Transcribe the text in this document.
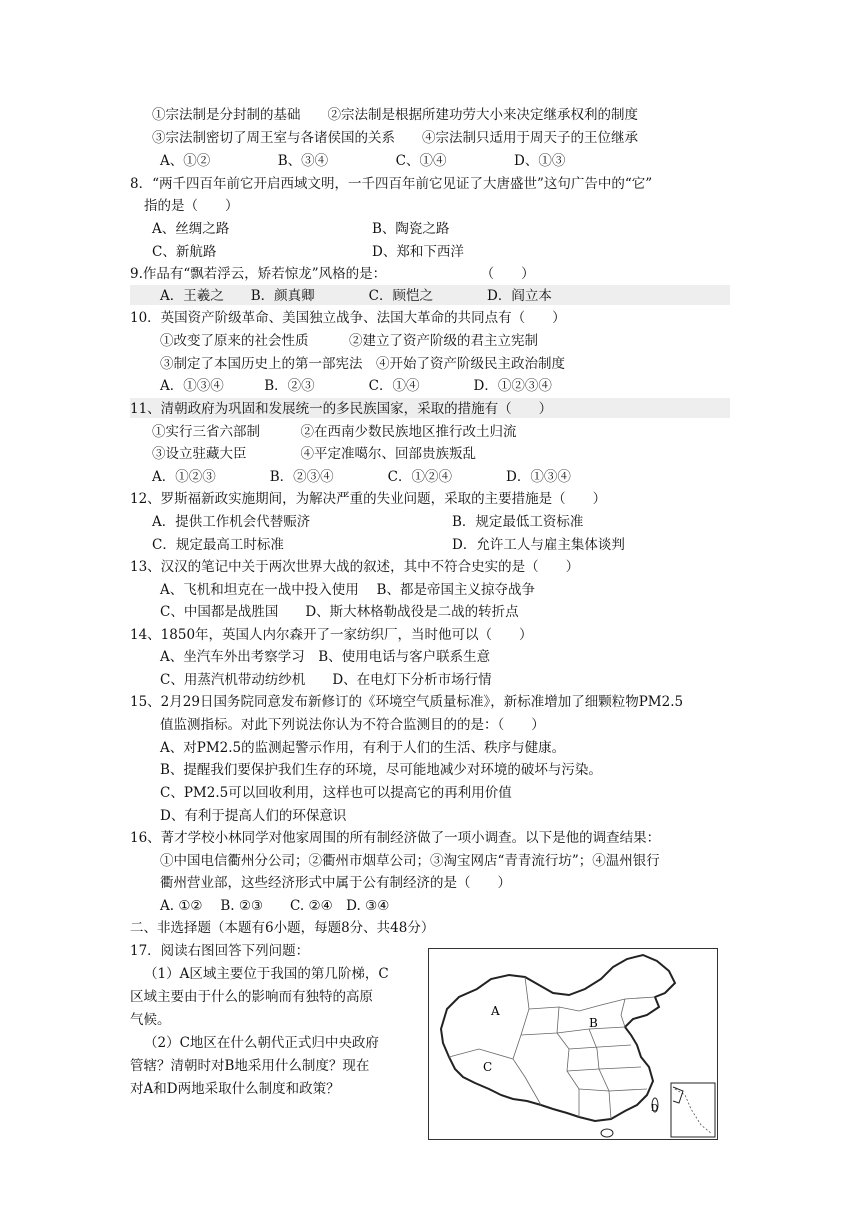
①宗法制是分封制的基础　　②宗法制是根据所建功劳大小来决定继承权利的制度
③宗法制密切了周王室与各诸侯国的关系　　④宗法制只适用于周天子的王位继承
A、①②　　　　　B、③④　　　　　C、①④　　　　　D、①③
8．“两千四百年前它开启西域文明，一千四百年前它见证了大唐盛世”这句广告中的“它”
指的是（　　）
A、丝绸之路	B、陶瓷之路
C、新航路	D、郑和下西洋
9.作品有“飘若浮云，矫若惊龙”风格的是：　　　　　　　　（　　）
A．王羲之　　B．颜真卿　　　　C．顾恺之　　　　D．阎立本
10．英国资产阶级革命、美国独立战争、法国大革命的共同点有（　　）
①改变了原来的社会性质　　　②建立了资产阶级的君主立宪制
③制定了本国历史上的第一部宪法　④开始了资产阶级民主政治制度
A．①③④　　　B．②③　　　　C．①④　　　　D．①②③④
11、清朝政府为巩固和发展统一的多民族国家，采取的措施有（　　）
①实行三省六部制　　　②在西南少数民族地区推行改土归流
③设立驻藏大臣　　　　④平定准噶尔、回部贵族叛乱
A．①②③　　　　B．②③④　　　　C．①②④　　　　D．①③④
12、罗斯福新政实施期间，为解决严重的失业问题，采取的主要措施是（　　）
A．提供工作机会代替赈济	B．规定最低工资标准
C．规定最高工时标准	D．允许工人与雇主集体谈判
13、汉汉的笔记中关于两次世界大战的叙述，其中不符合史实的是（　　）
A、飞机和坦克在一战中投入使用　 B、都是帝国主义掠夺战争
C、中国都是战胜国　　D、斯大林格勒战役是二战的转折点
14、1850年，英国人内尔森开了一家纺织厂，当时他可以（　　）
A、坐汽车外出考察学习　B、使用电话与客户联系生意
C、用蒸汽机带动纺纱机　　D、在电灯下分析市场行情
15、2月29日国务院同意发布新修订的《环境空气质量标准》，新标准增加了细颗粒物PM2.5
值监测指标。对此下列说法你认为不符合监测目的的是：（　　）
A、对PM2.5的监测起警示作用，有利于人们的生活、秩序与健康。
B、提醒我们要保护我们生存的环境，尽可能地减少对环境的破坏与污染。
C、PM2.5可以回收利用，这样也可以提高它的再利用价值
D、有利于提高人们的环保意识
16、菁才学校小林同学对他家周围的所有制经济做了一项小调查。以下是他的调查结果：
①中国电信衢州分公司；②衢州市烟草公司；③淘宝网店“青青流行坊”；④温州银行
衢州营业部，这些经济形式中属于公有制经济的是（　　）
A. ①②　 B. ②③　　C. ②④　D. ③④
二、非选择题（本题有6小题，每题8分、共48分）
17．阅读右图回答下列问题：
（1）A区域主要位于我国的第几阶梯，C
区域主要由于什么的影响而有独特的高原
气候。
（2）C地区在什么朝代正式归中央政府
管辖？清朝时对B地采用什么制度？现在
对A和D两地采取什么制度和政策？
A
B
C
D
